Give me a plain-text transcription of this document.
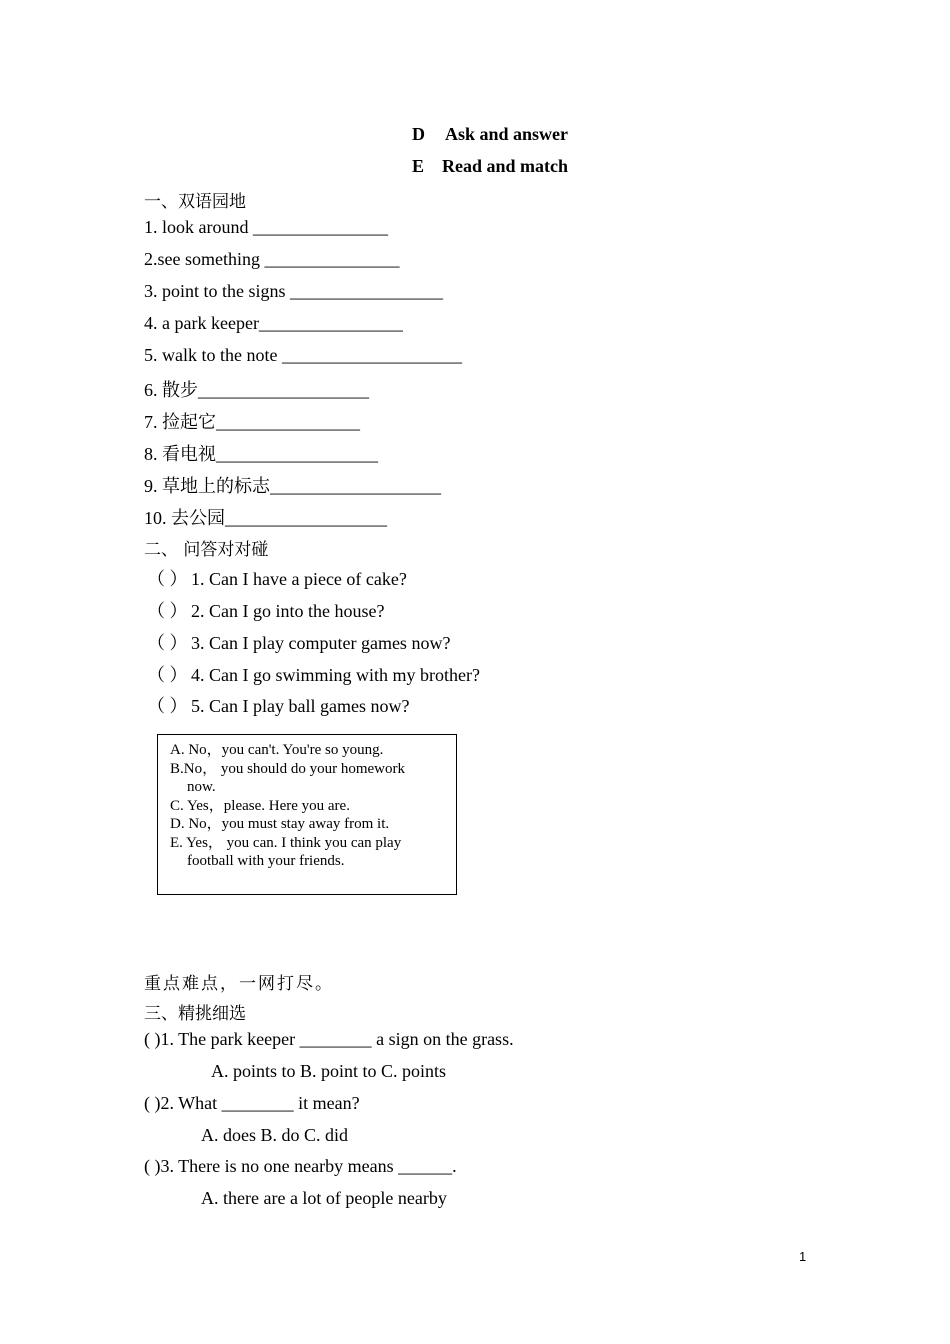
D Ask and answer
E Read and match
一、双语园地
1. look around _______________
2.see something _______________
3. point to the signs _________________
4. a park keeper________________
5. walk to the note ____________________
6. 散步___________________
7. 捡起它________________
8. 看电视__________________
9. 草地上的标志___________________
10. 去公园__________________
二、 问答对对碰
（ ） 1. Can I have a piece of cake?
（ ） 2. Can I go into the house?
（ ） 3. Can I play computer games now?
（ ） 4. Can I go swimming with my brother?
（ ） 5. Can I play ball games now?
A. No，you can't. You're so young.
B.No， you should do your homework
now.
C. Yes，please. Here you are.
D. No，you must stay away from it.
E. Yes， you can. I think you can play
football with your friends.
重点难点，一网打尽。
三、精挑细选
( )1. The park keeper ________ a sign on the grass.
A. points to B. point to C. points
( )2. What ________ it mean?
A. does B. do C. did
( )3. There is no one nearby means ______.
A. there are a lot of people nearby
1
